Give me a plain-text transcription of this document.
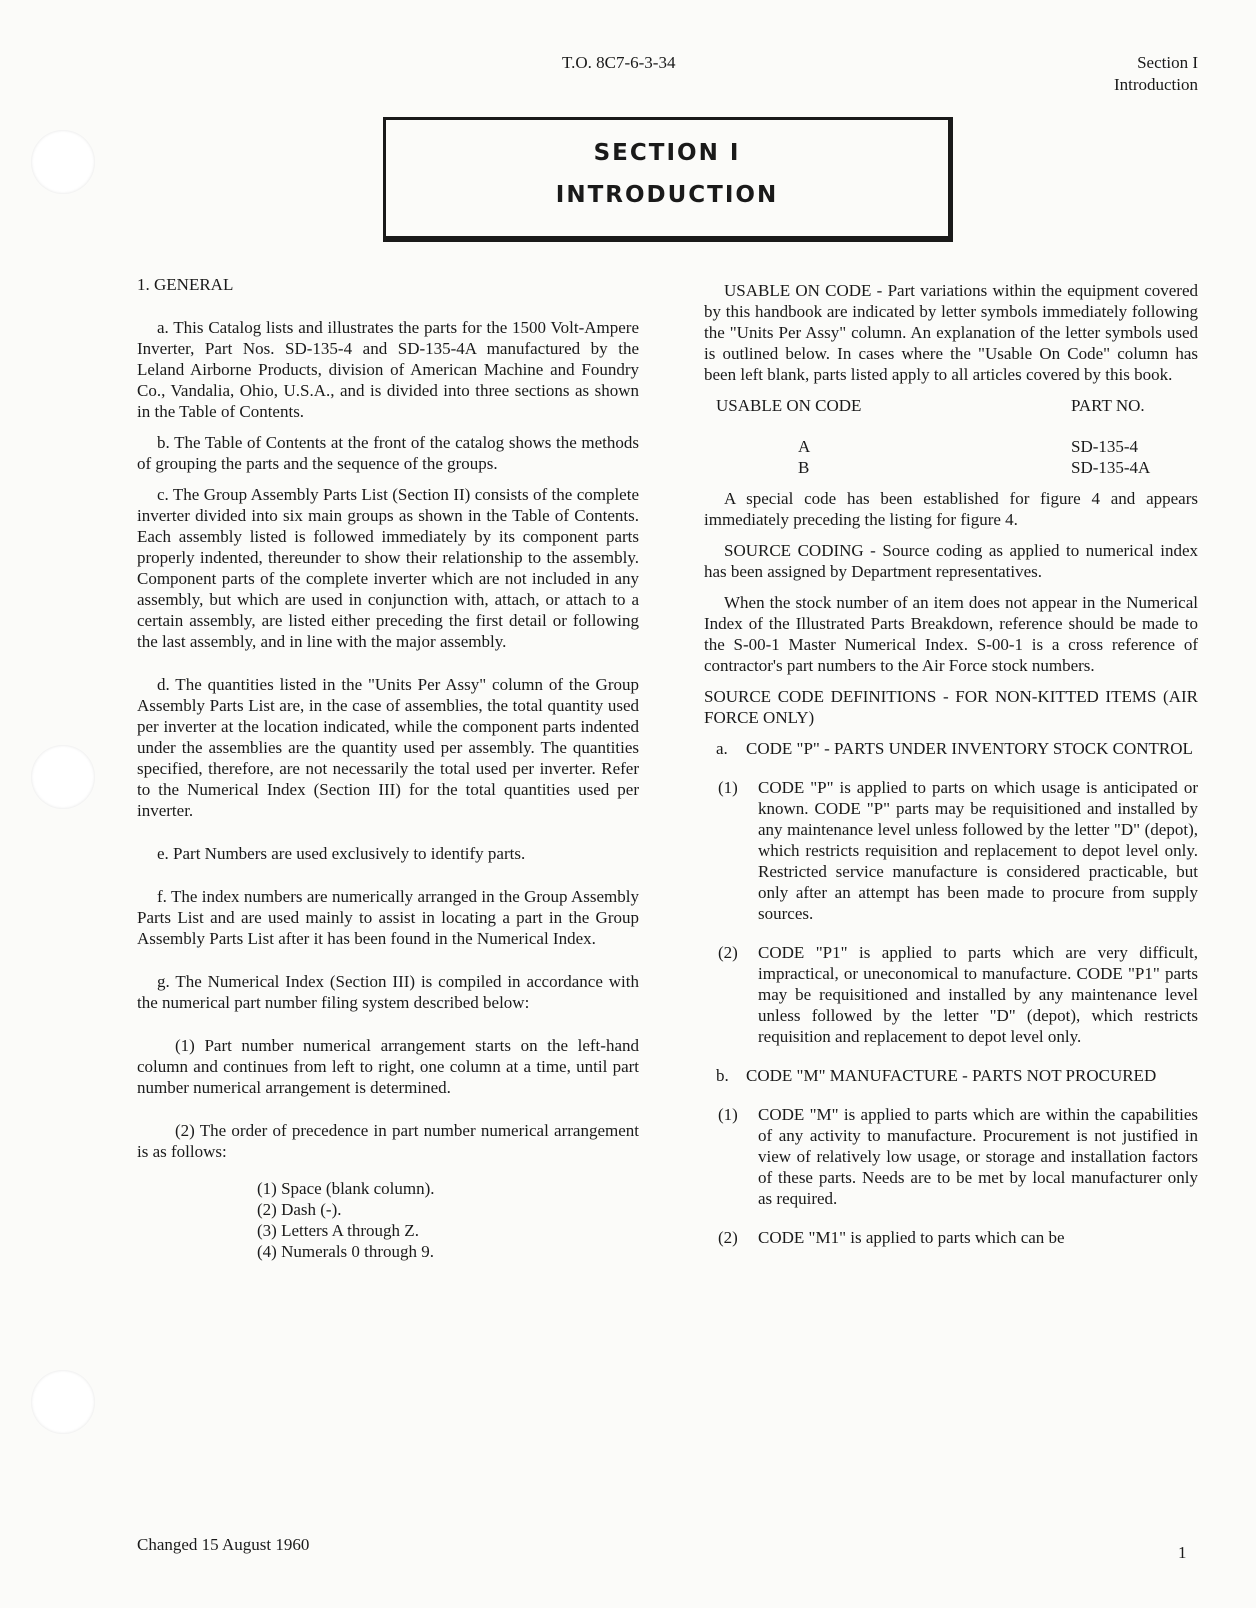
T.O. 8C7-6-3-34	Section I
Introduction
SECTION I
INTRODUCTION

1. GENERAL

a. This Catalog lists and illustrates the parts for the 1500 Volt-Ampere Inverter, Part Nos. SD-135-4 and SD-135-4A manufactured by the Leland Airborne Products, division of American Machine and Foundry Co., Vandalia, Ohio, U.S.A., and is divided into three sections as shown in the Table of Contents.

b. The Table of Contents at the front of the catalog shows the methods of grouping the parts and the sequence of the groups.

c. The Group Assembly Parts List (Section II) consists of the complete inverter divided into six main groups as shown in the Table of Contents. Each assembly listed is followed immediately by its component parts properly indented, thereunder to show their relationship to the assembly. Component parts of the complete inverter which are not included in any assembly, but which are used in conjunction with, attach, or attach to a certain assembly, are listed either preceding the first detail or following the last assembly, and in line with the major assembly.

d. The quantities listed in the "Units Per Assy" column of the Group Assembly Parts List are, in the case of assemblies, the total quantity used per inverter at the location indicated, while the component parts indented under the assemblies are the quantity used per assembly. The quantities specified, therefore, are not necessarily the total used per inverter. Refer to the Numerical Index (Section III) for the total quantities used per inverter.

e. Part Numbers are used exclusively to identify parts.

f. The index numbers are numerically arranged in the Group Assembly Parts List and are used mainly to assist in locating a part in the Group Assembly Parts List after it has been found in the Numerical Index.

g. The Numerical Index (Section III) is compiled in accordance with the numerical part number filing system described below:

(1) Part number numerical arrangement starts on the left-hand column and continues from left to right, one column at a time, until part number numerical arrangement is determined.

(2) The order of precedence in part number numerical arrangement is as follows:

(1) Space (blank column).
(2) Dash (-).
(3) Letters A through Z.
(4) Numerals 0 through 9.

USABLE ON CODE - Part variations within the equipment covered by this handbook are indicated by letter symbols immediately following the "Units Per Assy" column. An explanation of the letter symbols used is outlined below. In cases where the "Usable On Code" column has been left blank, parts listed apply to all articles covered by this book.

USABLE ON CODE	PART NO.
A	SD-135-4
B	SD-135-4A

A special code has been established for figure 4 and appears immediately preceding the listing for figure 4.

SOURCE CODING - Source coding as applied to numerical index has been assigned by Department representatives.

When the stock number of an item does not appear in the Numerical Index of the Illustrated Parts Breakdown, reference should be made to the S-00-1 Master Numerical Index. S-00-1 is a cross reference of contractor's part numbers to the Air Force stock numbers.

SOURCE CODE DEFINITIONS - FOR NON-KITTED ITEMS (AIR FORCE ONLY)

a.	CODE "P" - PARTS UNDER INVENTORY STOCK CONTROL
(1)	CODE "P" is applied to parts on which usage is anticipated or known. CODE "P" parts may be requisitioned and installed by any maintenance level unless followed by the letter "D" (depot), which restricts requisition and replacement to depot level only. Restricted service manufacture is considered practicable, but only after an attempt has been made to procure from supply sources.
(2)	CODE "P1" is applied to parts which are very difficult, impractical, or uneconomical to manufacture. CODE "P1" parts may be requisitioned and installed by any maintenance level unless followed by the letter "D" (depot), which restricts requisition and replacement to depot level only.
b.	CODE "M" MANUFACTURE - PARTS NOT PROCURED
(1)	CODE "M" is applied to parts which are within the capabilities of any activity to manufacture. Procurement is not justified in view of relatively low usage, or storage and installation factors of these parts. Needs are to be met by local manufacturer only as required.
(2)	CODE "M1" is applied to parts which can be
Changed 15 August 1960	1
